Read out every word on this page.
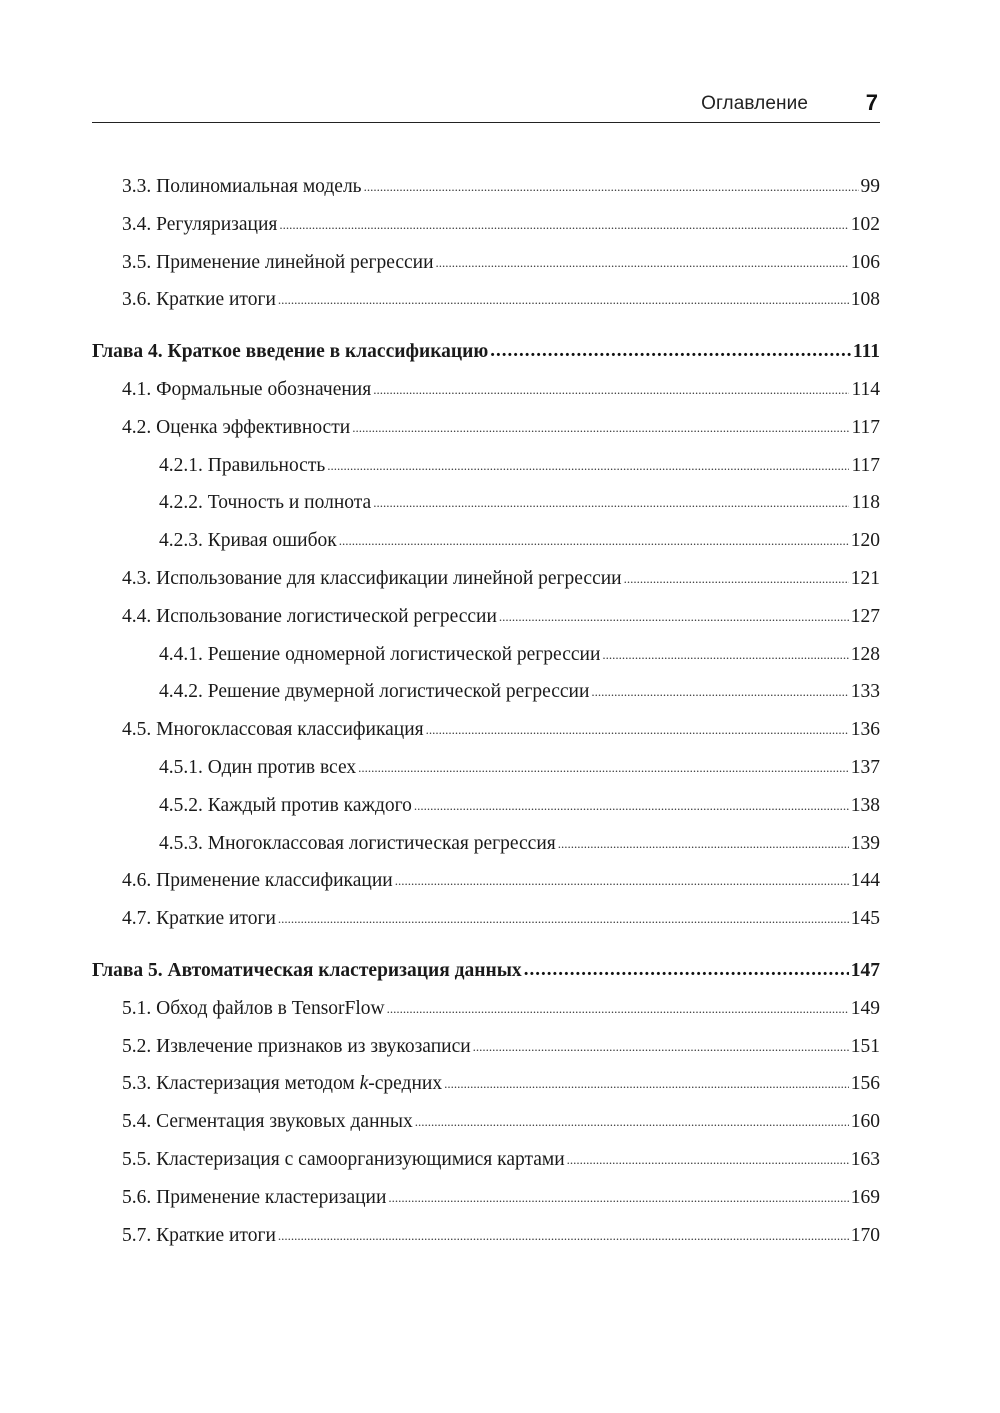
Оглавление	7
3.3. Полиномиальная модель .....	99
3.4. Регуляризация .....	102
3.5. Применение линейной регрессии .....	106
3.6. Краткие итоги .....	108
Глава 4. Краткое введение в классификацию .....	111
4.1. Формальные обозначения .....	114
4.2. Оценка эффективности .....	117
4.2.1. Правильность .....	117
4.2.2. Точность и полнота .....	118
4.2.3. Кривая ошибок .....	120
4.3. Использование для классификации линейной регрессии .....	121
4.4. Использование логистической регрессии .....	127
4.4.1. Решение одномерной логистической регрессии .....	128
4.4.2. Решение двумерной логистической регрессии .....	133
4.5. Многоклассовая классификация .....	136
4.5.1. Один против всех .....	137
4.5.2. Каждый против каждого .....	138
4.5.3. Многоклассовая логистическая регрессия .....	139
4.6. Применение классификации .....	144
4.7. Краткие итоги .....	145
Глава 5. Автоматическая кластеризация данных .....	147
5.1. Обход файлов в TensorFlow .....	149
5.2. Извлечение признаков из звукозаписи .....	151
5.3. Кластеризация методом k-средних .....	156
5.4. Сегментация звуковых данных .....	160
5.5. Кластеризация с самоорганизующимися картами .....	163
5.6. Применение кластеризации .....	169
5.7. Краткие итоги .....	170
